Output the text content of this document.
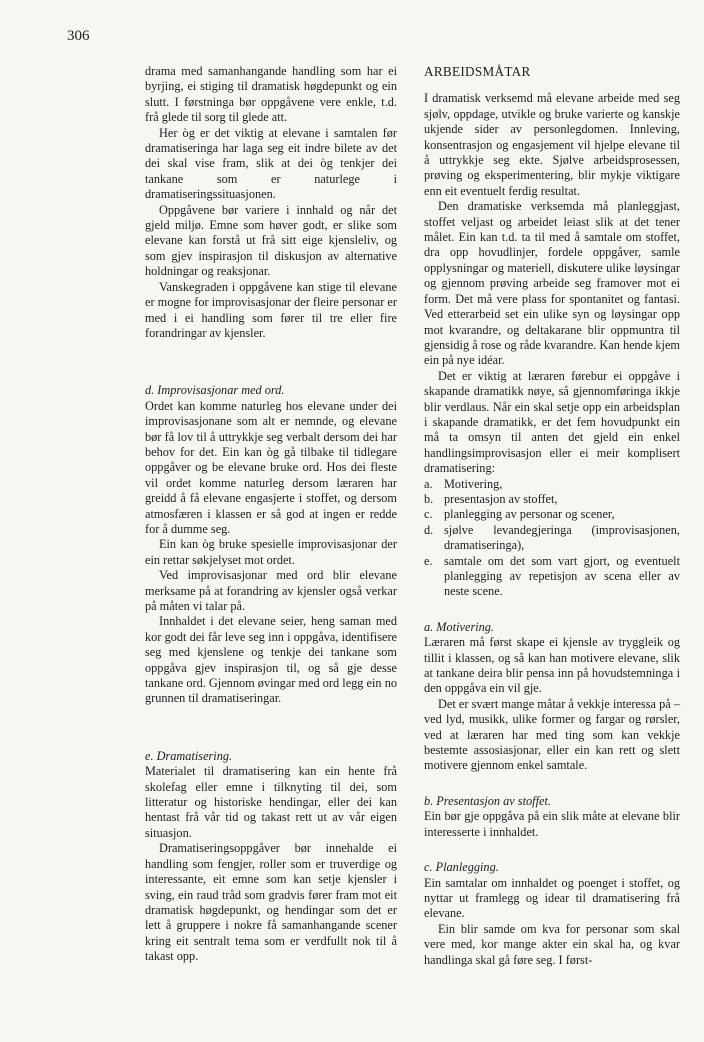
306

drama med samanhangande handling som har ei byrjing, ei stiging til dramatisk høgdepunkt og ein slutt. I førstninga bør oppgåvene vere enkle, t.d. frå glede til sorg til glede att.

Her òg er det viktig at elevane i samtalen før dramatiseringa har laga seg eit indre bilete av det dei skal vise fram, slik at dei òg tenkjer dei tankane som er naturlege i dramatiseringssituasjonen.

Oppgåvene bør variere i innhald og når det gjeld miljø. Emne som høver godt, er slike som elevane kan forstå ut frå sitt eige kjensleliv, og som gjev inspirasjon til diskusjon av alternative holdningar og reaksjonar.

Vanskegraden i oppgåvene kan stige til elevane er mogne for improvisasjonar der fleire personar er med i ei handling som fører til tre eller fire forandringar av kjensler.

d. Improvisasjonar med ord.

Ordet kan komme naturleg hos elevane under dei improvisasjonane som alt er nemnde, og elevane bør få lov til å uttrykkje seg verbalt dersom dei har behov for det. Ein kan òg gå tilbake til tidlegare oppgåver og be elevane bruke ord. Hos dei fleste vil ordet komme naturleg dersom læraren har greidd å få elevane engasjerte i stoffet, og dersom atmosfæren i klassen er så god at ingen er redde for å dumme seg.

Ein kan òg bruke spesielle improvisasjonar der ein rettar søkjelyset mot ordet.

Ved improvisasjonar med ord blir elevane merksame på at forandring av kjensler også verkar på måten vi talar på.

Innhaldet i det elevane seier, heng saman med kor godt dei får leve seg inn i oppgåva, identifisere seg med kjenslene og tenkje dei tankane som oppgåva gjev inspirasjon til, og så gje desse tankane ord. Gjennom øvingar med ord legg ein no grunnen til dramatiseringar.

e. Dramatisering.

Materialet til dramatisering kan ein hente frå skolefag eller emne i tilknyting til dei, som litteratur og historiske hendingar, eller dei kan hentast frå vår tid og takast rett ut av vår eigen situasjon.

Dramatiseringsoppgåver bør innehalde ei handling som fengjer, roller som er truverdige og interessante, eit emne som kan setje kjensler i sving, ein raud tråd som gradvis fører fram mot eit dramatisk høgdepunkt, og hendingar som det er lett å gruppere i nokre få samanhangande scener kring eit sentralt tema som er verdfullt nok til å takast opp.

ARBEIDSMÅTAR

I dramatisk verksemd må elevane arbeide med seg sjølv, oppdage, utvikle og bruke varierte og kanskje ukjende sider av personlegdomen. Innleving, konsentrasjon og engasjement vil hjelpe elevane til å uttrykkje seg ekte. Sjølve arbeidsprosessen, prøving og eksperimentering, blir mykje viktigare enn eit eventuelt ferdig resultat.

Den dramatiske verksemda må planleggjast, stoffet veljast og arbeidet leiast slik at det tener målet. Ein kan t.d. ta til med å samtale om stoffet, dra opp hovudlinjer, fordele oppgåver, samle opplysningar og materiell, diskutere ulike løysingar og gjennom prøving arbeide seg framover mot ei form. Det må vere plass for spontanitet og fantasi. Ved etterarbeid set ein ulike syn og løysingar opp mot kvarandre, og deltakarane blir oppmuntra til gjensidig å rose og råde kvarandre. Kan hende kjem ein på nye idéar.

Det er viktig at læraren førebur ei oppgåve i skapande dramatikk nøye, så gjennomføringa ikkje blir verdlaus. Når ein skal setje opp ein arbeidsplan i skapande dramatikk, er det fem hovudpunkt ein må ta omsyn til anten det gjeld ein enkel handlingsimprovisasjon eller ei meir komplisert dramatisering:

a. Motivering,
b. presentasjon av stoffet,
c. planlegging av personar og scener,
d. sjølve levandegjeringa (improvisasjonen, dramatiseringa),
e. samtale om det som vart gjort, og eventuelt planlegging av repetisjon av scena eller av neste scene.
a. Motivering.

Læraren må først skape ei kjensle av tryggleik og tillit i klassen, og så kan han motivere elevane, slik at tankane deira blir pensa inn på hovudstemninga i den oppgåva ein vil gje.

Det er svært mange måtar å vekkje interessa på – ved lyd, musikk, ulike former og fargar og rørsler, ved at læraren har med ting som kan vekkje bestemte assosiasjonar, eller ein kan rett og slett motivere gjennom enkel samtale.

b. Presentasjon av stoffet.

Ein bør gje oppgåva på ein slik måte at elevane blir interesserte i innhaldet.

c. Planlegging.

Ein samtalar om innhaldet og poenget i stoffet, og nyttar ut framlegg og idear til dramatisering frå elevane.

Ein blir samde om kva for personar som skal vere med, kor mange akter ein skal ha, og kvar handlinga skal gå føre seg. I først-
